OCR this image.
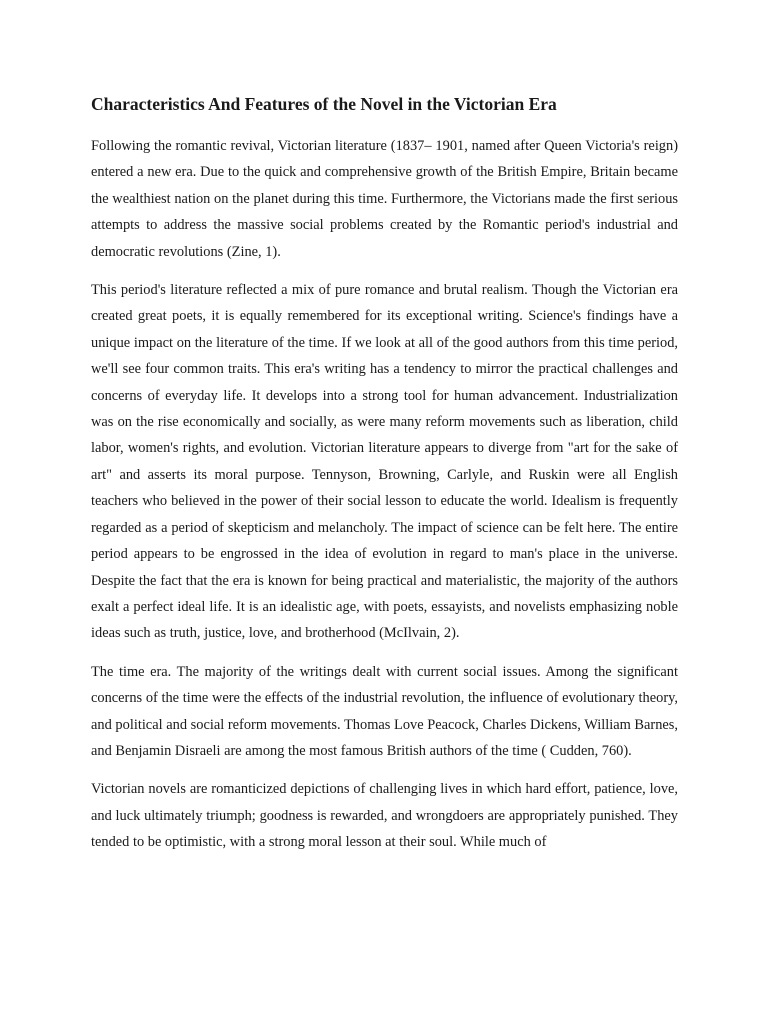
Characteristics And Features of the Novel in the Victorian Era

Following the romantic revival, Victorian literature (1837– 1901, named after Queen Victoria's reign) entered a new era. Due to the quick and comprehensive growth of the British Empire, Britain became the wealthiest nation on the planet during this time. Furthermore, the Victorians made the first serious attempts to address the massive social problems created by the Romantic period's industrial and democratic revolutions (Zine, 1).

This period's literature reflected a mix of pure romance and brutal realism. Though the Victorian era created great poets, it is equally remembered for its exceptional writing. Science's findings have a unique impact on the literature of the time. If we look at all of the good authors from this time period, we'll see four common traits. This era's writing has a tendency to mirror the practical challenges and concerns of everyday life. It develops into a strong tool for human advancement. Industrialization was on the rise economically and socially, as were many reform movements such as liberation, child labor, women's rights, and evolution. Victorian literature appears to diverge from "art for the sake of art" and asserts its moral purpose. Tennyson, Browning, Carlyle, and Ruskin were all English teachers who believed in the power of their social lesson to educate the world. Idealism is frequently regarded as a period of skepticism and melancholy. The impact of science can be felt here. The entire period appears to be engrossed in the idea of evolution in regard to man's place in the universe. Despite the fact that the era is known for being practical and materialistic, the majority of the authors exalt a perfect ideal life. It is an idealistic age, with poets, essayists, and novelists emphasizing noble ideas such as truth, justice, love, and brotherhood (McIlvain, 2).

The time era. The majority of the writings dealt with current social issues. Among the significant concerns of the time were the effects of the industrial revolution, the influence of evolutionary theory, and political and social reform movements. Thomas Love Peacock, Charles Dickens, William Barnes, and Benjamin Disraeli are among the most famous British authors of the time ( Cudden, 760).

Victorian novels are romanticized depictions of challenging lives in which hard effort, patience, love, and luck ultimately triumph; goodness is rewarded, and wrongdoers are appropriately punished. They tended to be optimistic, with a strong moral lesson at their soul. While much of
